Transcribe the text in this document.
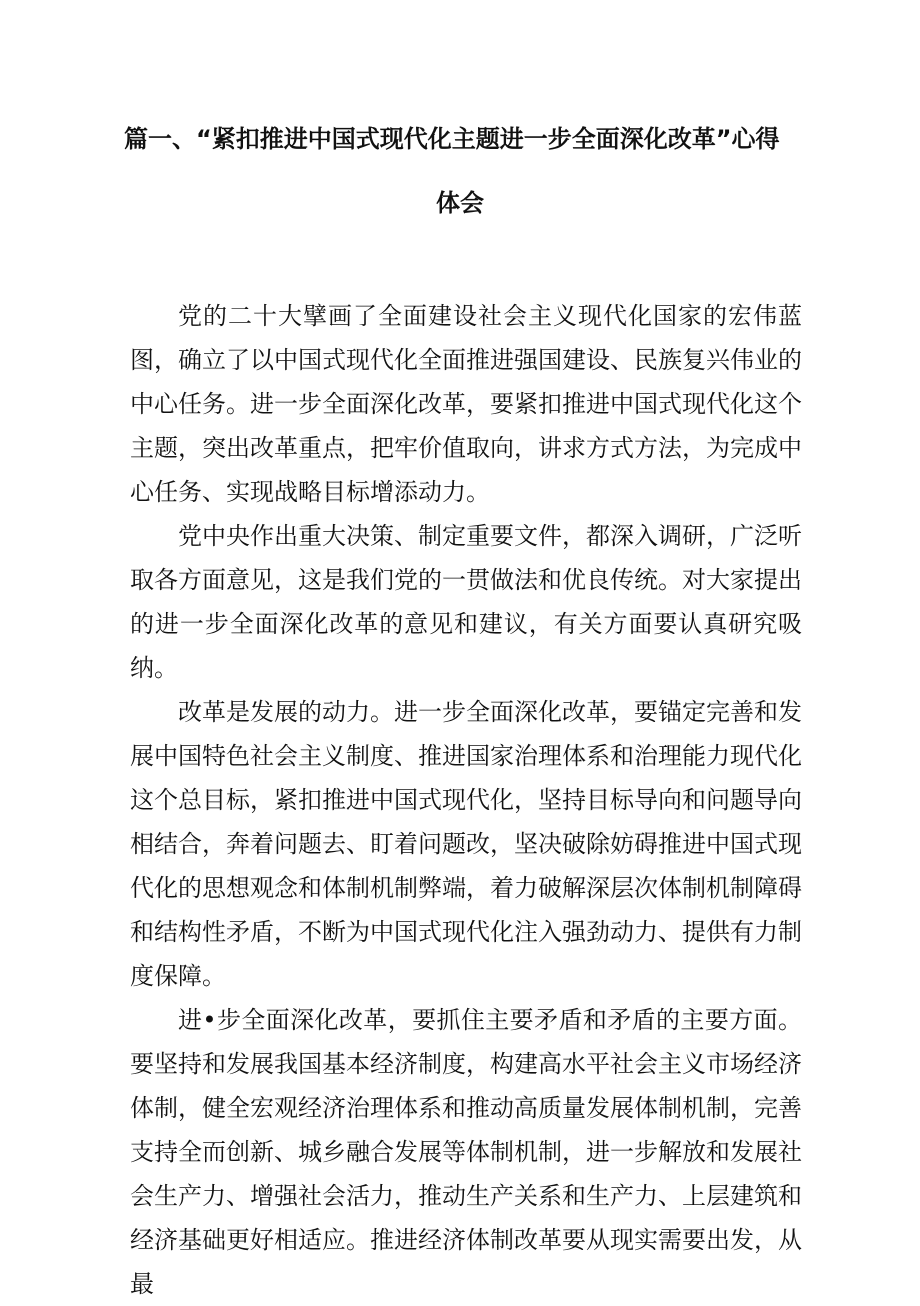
篇一、“紧扣推进中国式现代化主题进一步全面深化改革”心得
体会

党的二十大擘画了全面建设社会主义现代化国家的宏伟蓝图，确立了以中国式现代化全面推进强国建设、民族复兴伟业的中心任务。进一步全面深化改革，要紧扣推进中国式现代化这个主题，突出改革重点，把牢价值取向，讲求方式方法，为完成中心任务、实现战略目标增添动力。

党中央作出重大决策、制定重要文件，都深入调研，广泛听取各方面意见，这是我们党的一贯做法和优良传统。对大家提出的进一步全面深化改革的意见和建议，有关方面要认真研究吸纳。

改革是发展的动力。进一步全面深化改革，要锚定完善和发展中国特色社会主义制度、推进国家治理体系和治理能力现代化这个总目标，紧扣推进中国式现代化，坚持目标导向和问题导向相结合，奔着问题去、盯着问题改，坚决破除妨碍推进中国式现代化的思想观念和体制机制弊端，着力破解深层次体制机制障碍和结构性矛盾，不断为中国式现代化注入强劲动力、提供有力制度保障。

进•步全面深化改革，要抓住主要矛盾和矛盾的主要方面。要坚持和发展我国基本经济制度，构建高水平社会主义市场经济体制，健全宏观经济治理体系和推动高质量发展体制机制，完善支持全而创新、城乡融合发展等体制机制，进一步解放和发展社会生产力、增强社会活力，推动生产关系和生产力、上层建筑和经济基础更好相适应。推进经济体制改革要从现实需要出发，从最
